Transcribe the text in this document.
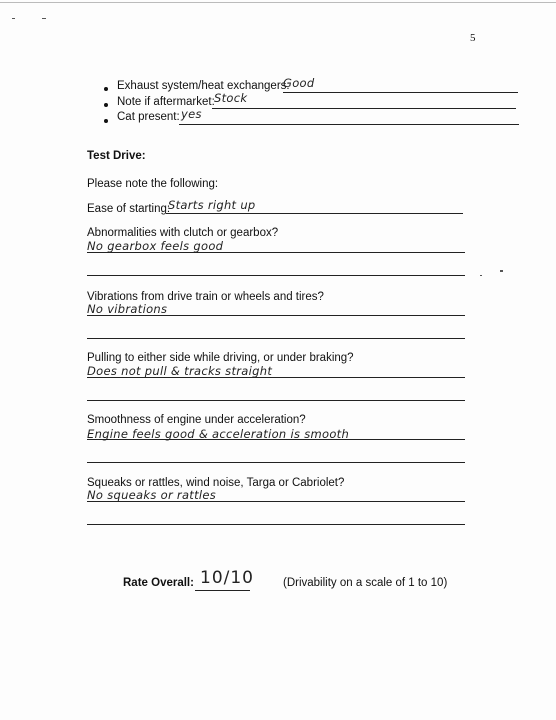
5
Exhaust system/heat exchangers:
Good
Note if aftermarket: Stock
Cat present: yes
Test Drive:
Please note the following:
Ease of starting:
Starts right up
Abnormalities with clutch or gearbox?
No gearbox feels good
Vibrations from drive train or wheels and tires?
No vibrations
Pulling to either side while driving, or under braking?
Does not pull & tracks straight
Smoothness of engine under acceleration?
Engine feels good & acceleration is smooth
Squeaks or rattles, wind noise, Targa or Cabriolet?
No squeaks or rattles
Rate Overall: 10/10	(Drivability on a scale of 1 to 10)
